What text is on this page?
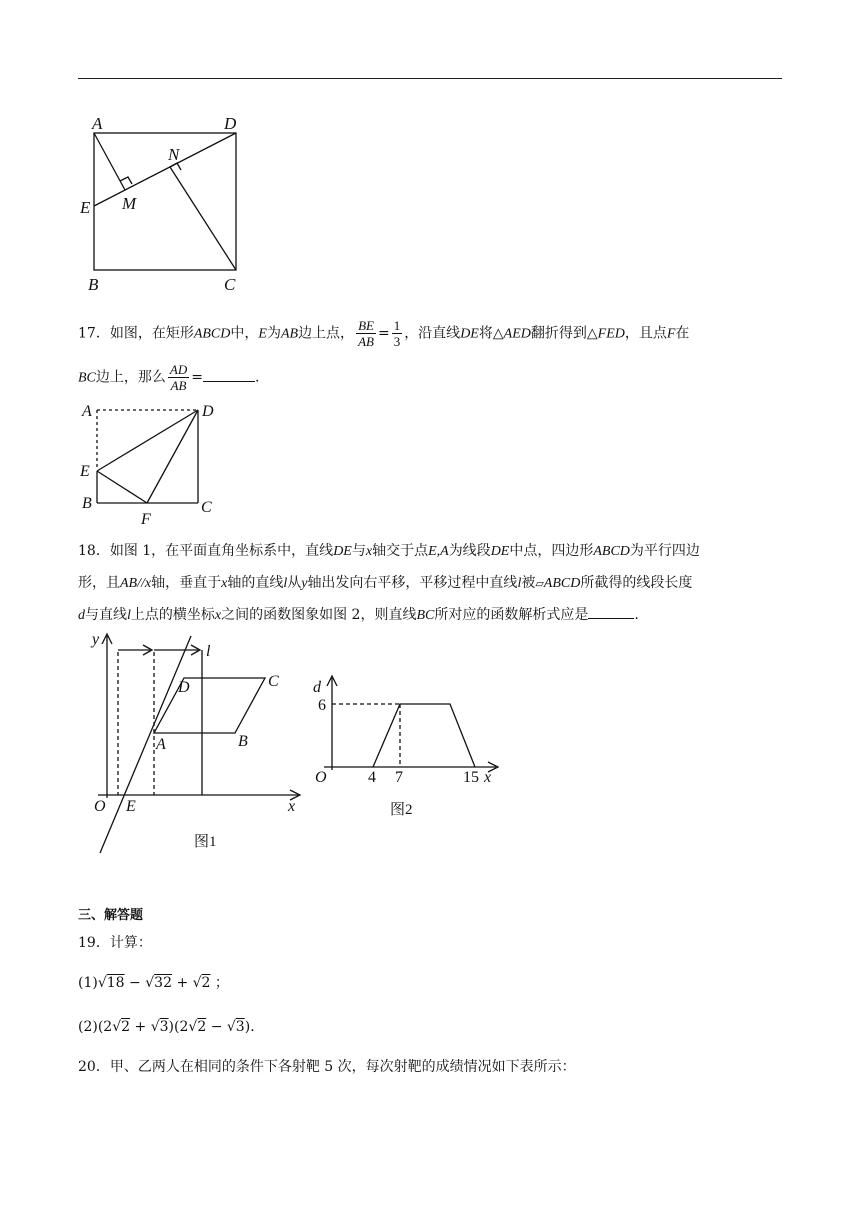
A	D
N
E M
B	C
17．如图，在矩形ABCD中，E为AB边上点， $\frac{BE}{AB} = \frac{1}{3}$ ，沿直线DE将△AED翻折得到△FED，且点F在
BC边上，那么 $\frac{AD}{AB}$ =	.
A	D
E
B
F
C
18．如图 1，在平面直角坐标系中，直线DE与x轴交于点E,A为线段DE中点，四边形ABCD为平行四边
形，且AB//x轴，垂直于x轴的直线l从y轴出发向右平移，平移过程中直线l被▱ABCD所截得的线段长度
d与直线l上点的横坐标x之间的函数图象如图 2，则直线BC所对应的函数解析式应是	.
y
l
D	C
A	B
O E	x
图1
d
6
O	4 7	15 x
图2
三、解答题
19．计算：
(1)√18 − √32 + √2 ；
(2)(2√2 + √3)(2√2 − √3)．
20．甲、乙两人在相同的条件下各射靶 5 次，每次射靶的成绩情况如下表所示：
